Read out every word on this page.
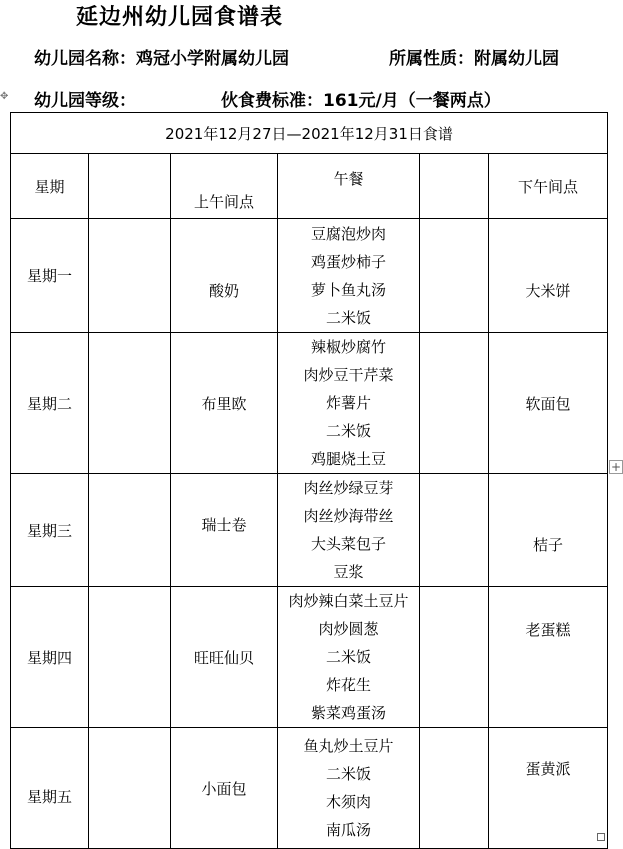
延边州幼儿园食谱表
幼儿园名称：鸡冠小学附属幼儿园	所属性质：附属幼儿园
幼儿园等级：	伙食费标准：161元/月（一餐两点）
✥
2021年12月27日—2021年12月31日食谱					
星期		上午间点	午餐		下午间点
星期一		酸奶	豆腐泡炒肉
鸡蛋炒柿子
萝卜鱼丸汤
二米饭		大米饼
星期二		布里欧	辣椒炒腐竹
肉炒豆干芹菜
炸薯片
二米饭
鸡腿烧土豆		软面包
星期三		瑞士卷	肉丝炒绿豆芽
肉丝炒海带丝
大头菜包子
豆浆		桔子
星期四		旺旺仙贝	肉炒辣白菜土豆片
肉炒圆葱
二米饭
炸花生
紫菜鸡蛋汤		老蛋糕
星期五		小面包	鱼丸炒土豆片
二米饭
木须肉
南瓜汤		蛋黄派
+
